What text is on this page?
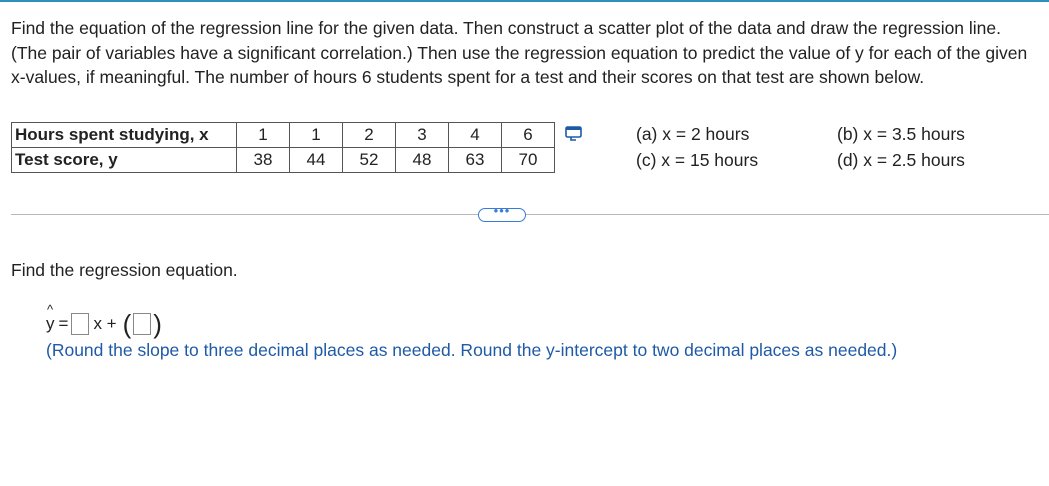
Find the equation of the regression line for the given data. Then construct a scatter plot of the data and draw the regression line. (The pair of variables have a significant correlation.) Then use the regression equation to predict the value of y for each of the given x-values, if meaningful. The number of hours 6 students spent for a test and their scores on that test are shown below.

Hours spent studying, x	1	1	2	3	4	6
Test score, y	38	44	52	48	63	70
(a) x = 2 hours
(c) x = 15 hours
(b) x = 3.5 hours
(d) x = 2.5 hours
•••
Find the regression equation.
^
y = x + ( )
(Round the slope to three decimal places as needed. Round the y-intercept to two decimal places as needed.)
